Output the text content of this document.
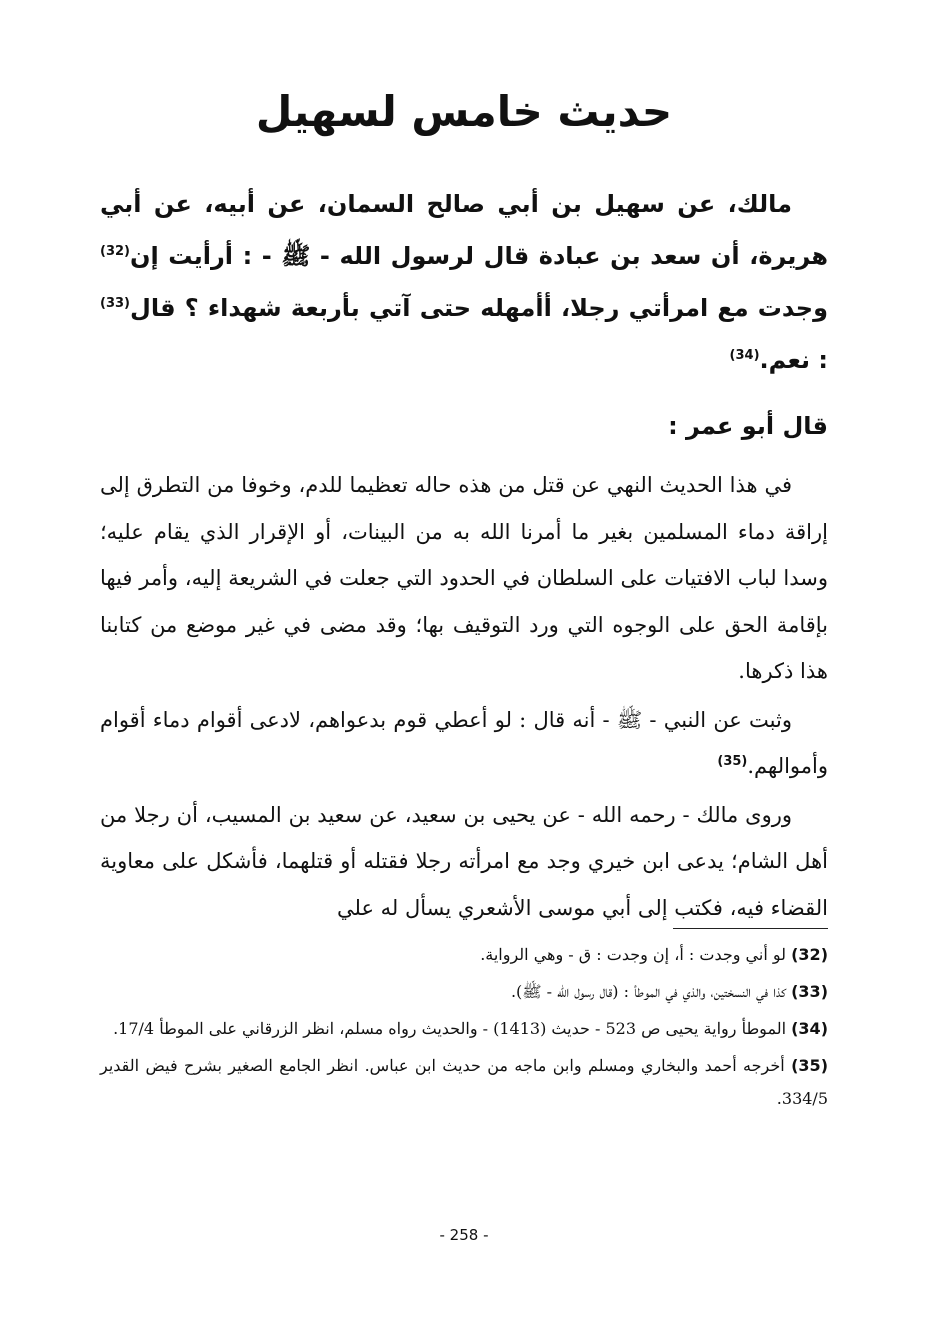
حديث خامس لسهيل
مالك، عن سهيل بن أبي صالح السمان، عن أبيه، عن أبي هريرة، أن سعد بن عبادة قال لرسول الله - ﷺ - : أرأيت إن$^{(32)}$ وجدت مع امرأتي رجلا، أأمهله حتى آتي بأربعة شهداء ؟ قال$^{(33)}$ : نعم.$^{(34)}$
قال أبو عمر :

في هذا الحديث النهي عن قتل من هذه حاله تعظيما للدم، وخوفا من التطرق إلى إراقة دماء المسلمين بغير ما أمرنا الله به من البينات، أو الإقرار الذي يقام عليه؛ وسدا لباب الافتيات على السلطان في الحدود التي جعلت في الشريعة إليه، وأمر فيها بإقامة الحق على الوجوه التي ورد التوقيف بها؛ وقد مضى في غير موضع من كتابنا هذا ذكرها.

وثبت عن النبي - ﷺ - أنه قال : لو أعطي قوم بدعواهم، لادعى أقوام دماء أقوام وأموالهم.$^{(35)}$

وروى مالك - رحمه الله - عن يحيى بن سعيد، عن سعيد بن المسيب، أن رجلا من أهل الشام؛ يدعى ابن خيري وجد مع امرأته رجلا فقتله أو قتلهما، فأشكل على معاوية القضاء فيه، فكتب إلى أبي موسى الأشعري يسأل له علي

(32) لو أني وجدت : أ، إن وجدت : ق - وهي الرواية.

(33) كذا في النسختين، والذي في الموطأ : (قال رسول الله - ﷺ).

(34) الموطأ رواية يحيى ص 523 - حديث (1413) - والحديث رواه مسلم، انظر الزرقاني على الموطأ 17/4.

(35) أخرجه أحمد والبخاري ومسلم وابن ماجه من حديث ابن عباس. انظر الجامع الصغير بشرح فيض القدير 334/5.

- 258 -
